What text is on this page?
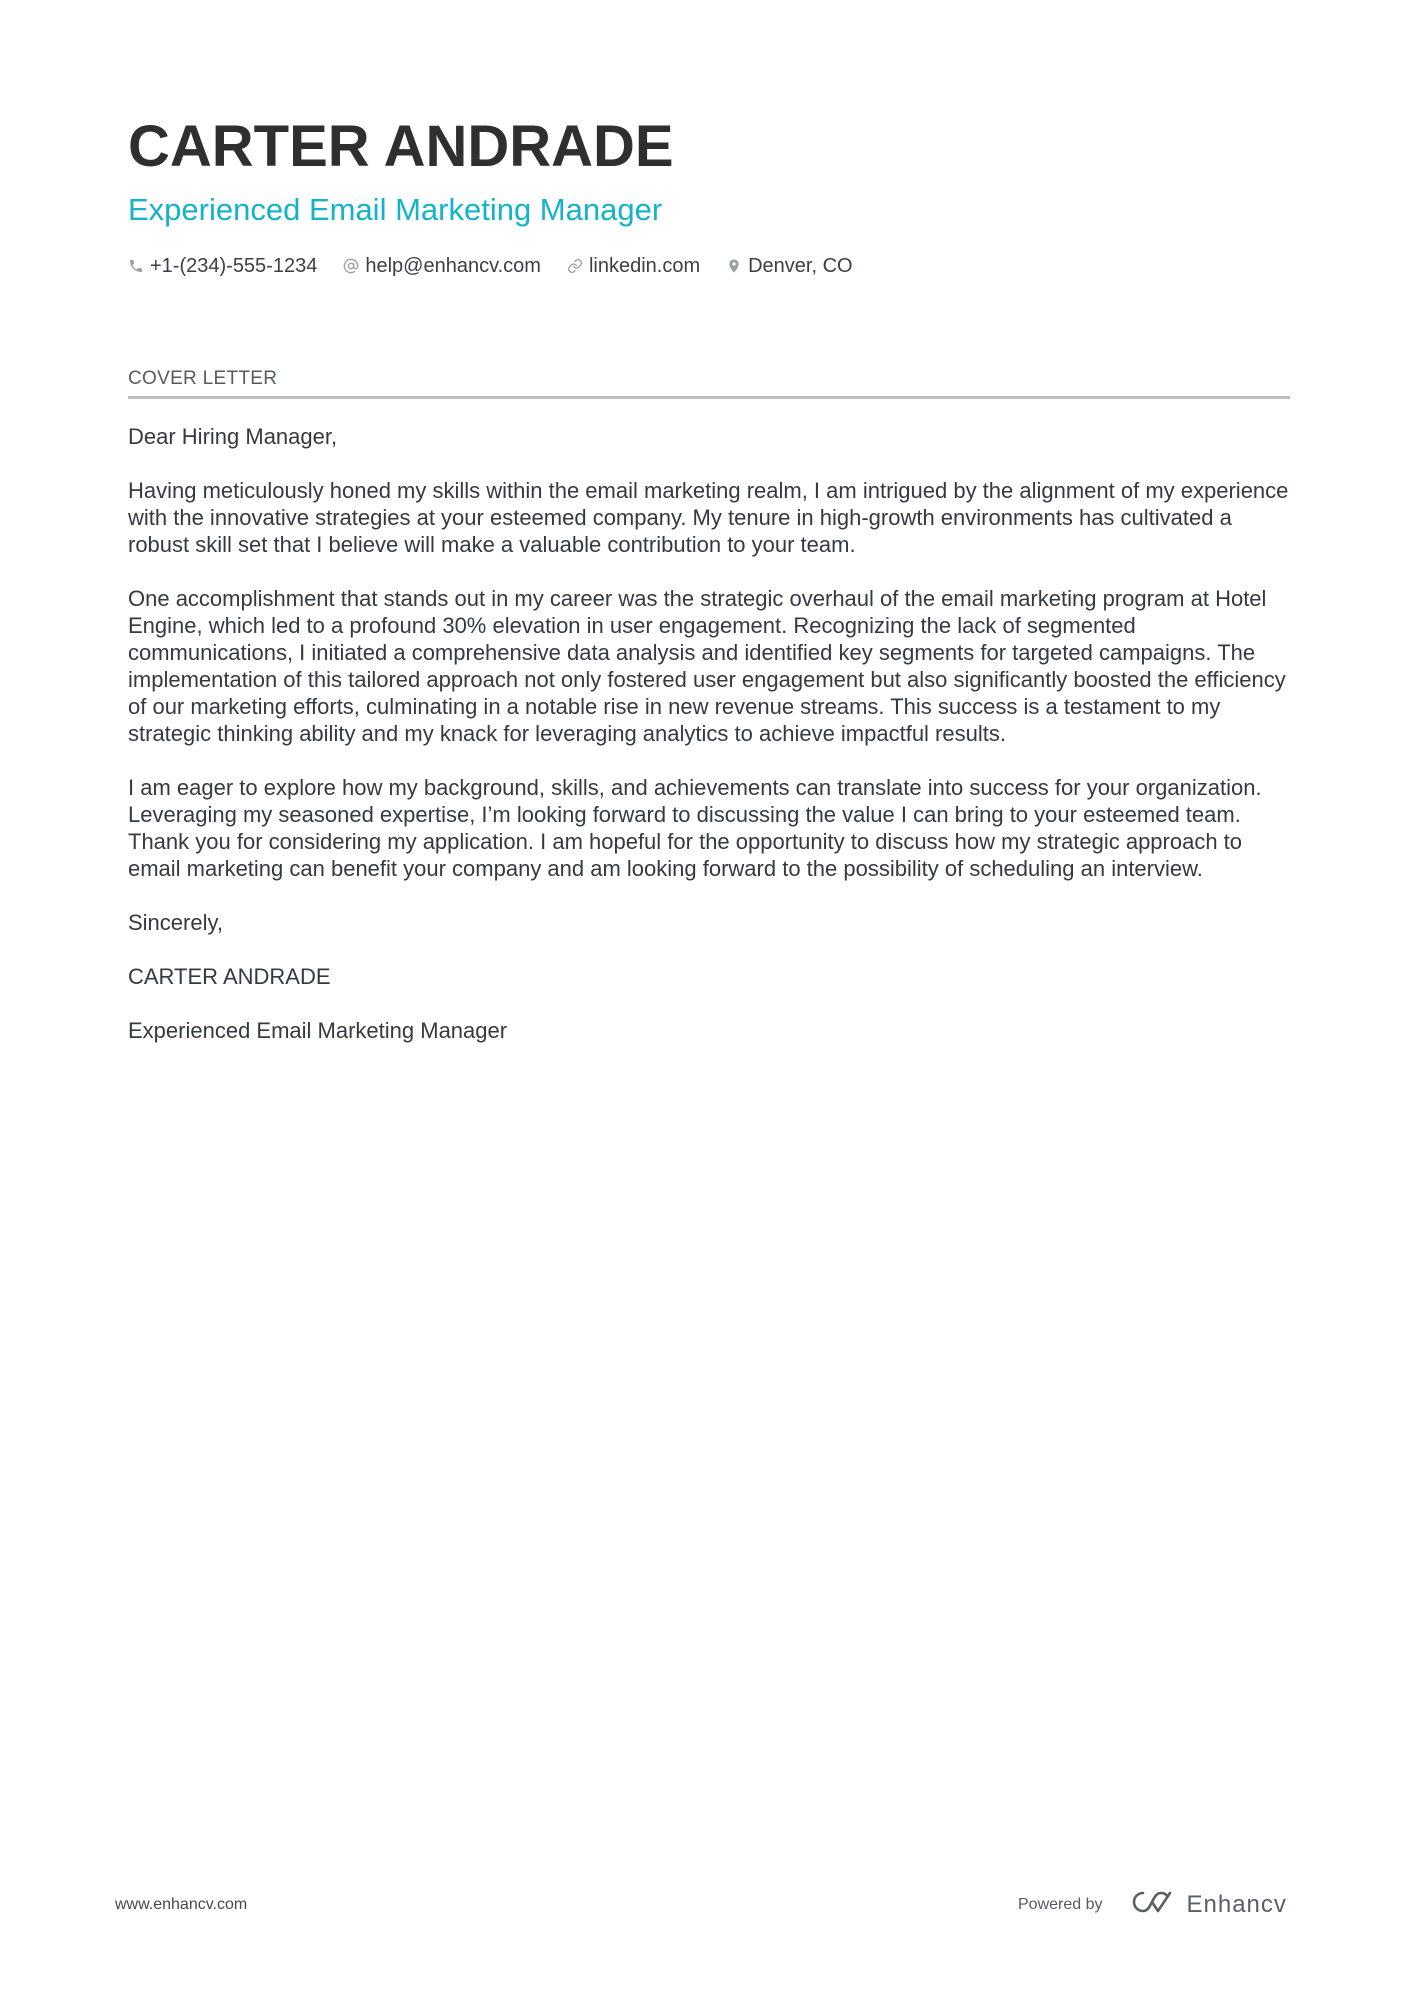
CARTER ANDRADE
Experienced Email Marketing Manager
+1-(234)-555-1234 help@enhancv.com linkedin.com Denver, CO
COVER LETTER

Dear Hiring Manager,

Having meticulously honed my skills within the email marketing realm, I am intrigued by the alignment of my experience with the innovative strategies at your esteemed company. My tenure in high-growth environments has cultivated a robust skill set that I believe will make a valuable contribution to your team.

One accomplishment that stands out in my career was the strategic overhaul of the email marketing program at Hotel Engine, which led to a profound 30% elevation in user engagement. Recognizing the lack of segmented communications, I initiated a comprehensive data analysis and identified key segments for targeted campaigns. The implementation of this tailored approach not only fostered user engagement but also significantly boosted the efficiency of our marketing efforts, culminating in a notable rise in new revenue streams. This success is a testament to my strategic thinking ability and my knack for leveraging analytics to achieve impactful results.

I am eager to explore how my background, skills, and achievements can translate into success for your organization. Leveraging my seasoned expertise, I’m looking forward to discussing the value I can bring to your esteemed team. Thank you for considering my application. I am hopeful for the opportunity to discuss how my strategic approach to email marketing can benefit your company and am looking forward to the possibility of scheduling an interview.

Sincerely,

CARTER ANDRADE

Experienced Email Marketing Manager

www.enhancv.com	Powered by	Enhancv
